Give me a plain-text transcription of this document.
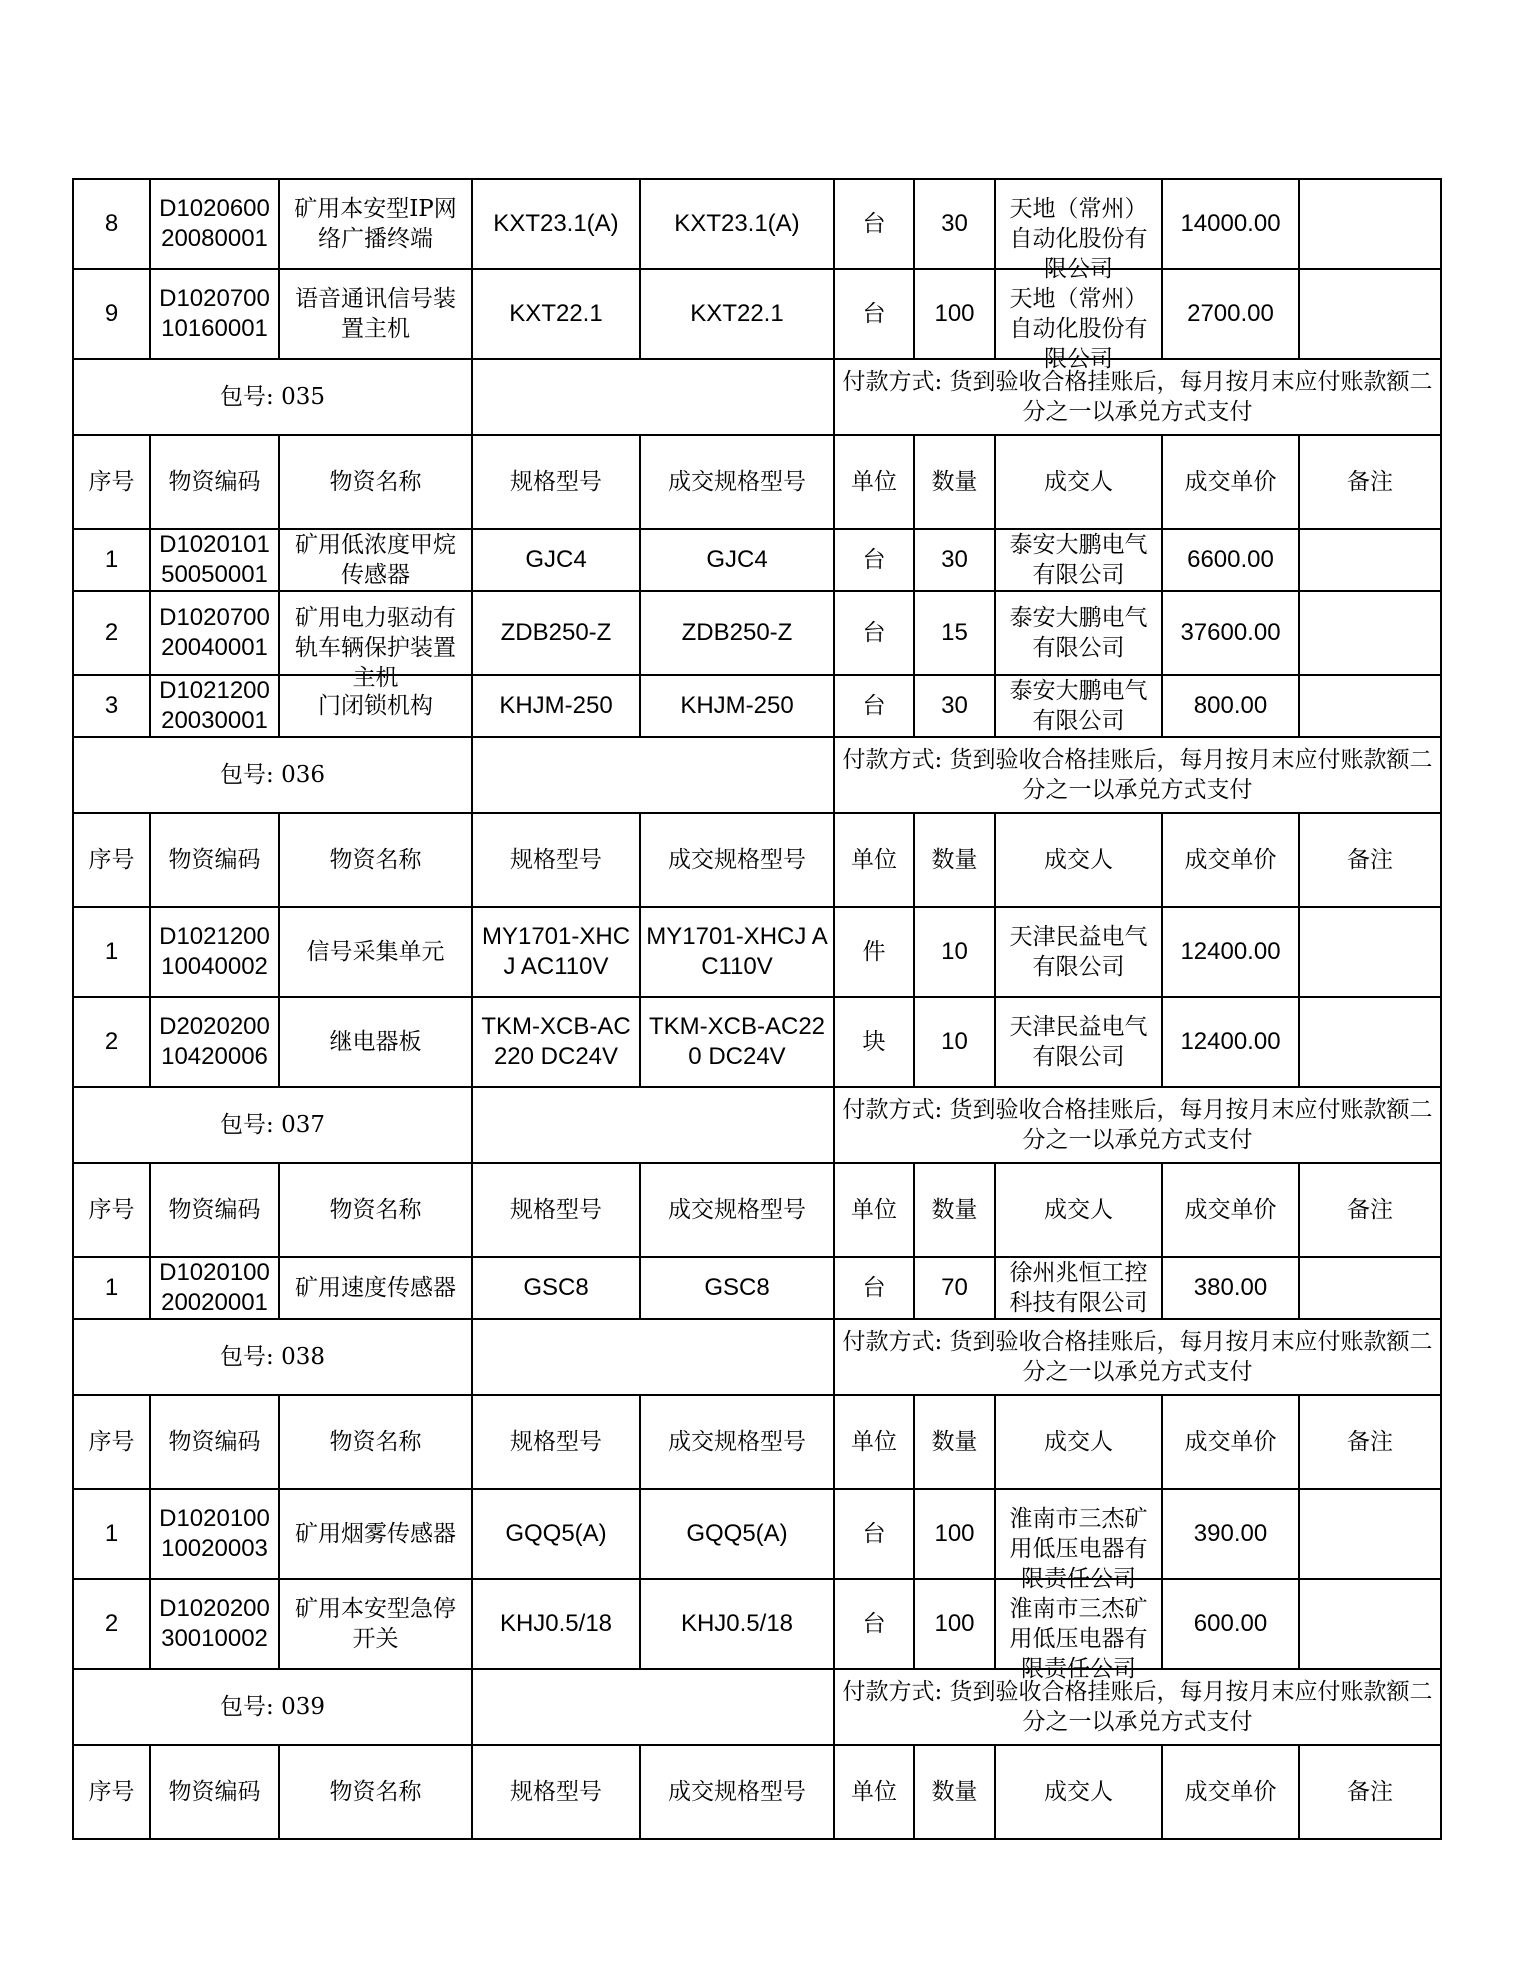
8	D102060020080001	矿用本安型IP网络广播终端	KXT23.1(A)	KXT23.1(A)	台	30	天地（常州）自动化股份有限公司	14000.00	
9	D102070010160001	语音通讯信号装置主机	KXT22.1	KXT22.1	台	100	天地（常州）自动化股份有限公司	2700.00	
包号: 035					付款方式: 货到验收合格挂账后，每月按月末应付账款额二分之一以承兑方式支付				
序号	物资编码	物资名称	规格型号	成交规格型号	单位	数量	成交人	成交单价	备注
1	D102010150050001	矿用低浓度甲烷传感器	GJC4	GJC4	台	30	泰安大鹏电气有限公司	6600.00	
2	D102070020040001	矿用电力驱动有轨车辆保护装置主机	ZDB250-Z	ZDB250-Z	台	15	泰安大鹏电气有限公司	37600.00	
3	D102120020030001	门闭锁机构	KHJM-250	KHJM-250	台	30	泰安大鹏电气有限公司	800.00	
包号: 036					付款方式: 货到验收合格挂账后，每月按月末应付账款额二分之一以承兑方式支付				
序号	物资编码	物资名称	规格型号	成交规格型号	单位	数量	成交人	成交单价	备注
1	D102120010040002	信号采集单元	MY1701-XHCJ AC110V	MY1701-XHCJ AC110V	件	10	天津民益电气有限公司	12400.00	
2	D202020010420006	继电器板	TKM-XCB-AC220 DC24V	TKM-XCB-AC220 DC24V	块	10	天津民益电气有限公司	12400.00	
包号: 037					付款方式: 货到验收合格挂账后，每月按月末应付账款额二分之一以承兑方式支付				
序号	物资编码	物资名称	规格型号	成交规格型号	单位	数量	成交人	成交单价	备注
1	D102010020020001	矿用速度传感器	GSC8	GSC8	台	70	徐州兆恒工控科技有限公司	380.00	
包号: 038					付款方式: 货到验收合格挂账后，每月按月末应付账款额二分之一以承兑方式支付				
序号	物资编码	物资名称	规格型号	成交规格型号	单位	数量	成交人	成交单价	备注
1	D102010010020003	矿用烟雾传感器	GQQ5(A)	GQQ5(A)	台	100	淮南市三杰矿用低压电器有限责任公司	390.00	
2	D102020030010002	矿用本安型急停开关	KHJ0.5/18	KHJ0.5/18	台	100	淮南市三杰矿用低压电器有限责任公司	600.00	
包号: 039					付款方式: 货到验收合格挂账后，每月按月末应付账款额二分之一以承兑方式支付				
序号	物资编码	物资名称	规格型号	成交规格型号	单位	数量	成交人	成交单价	备注
